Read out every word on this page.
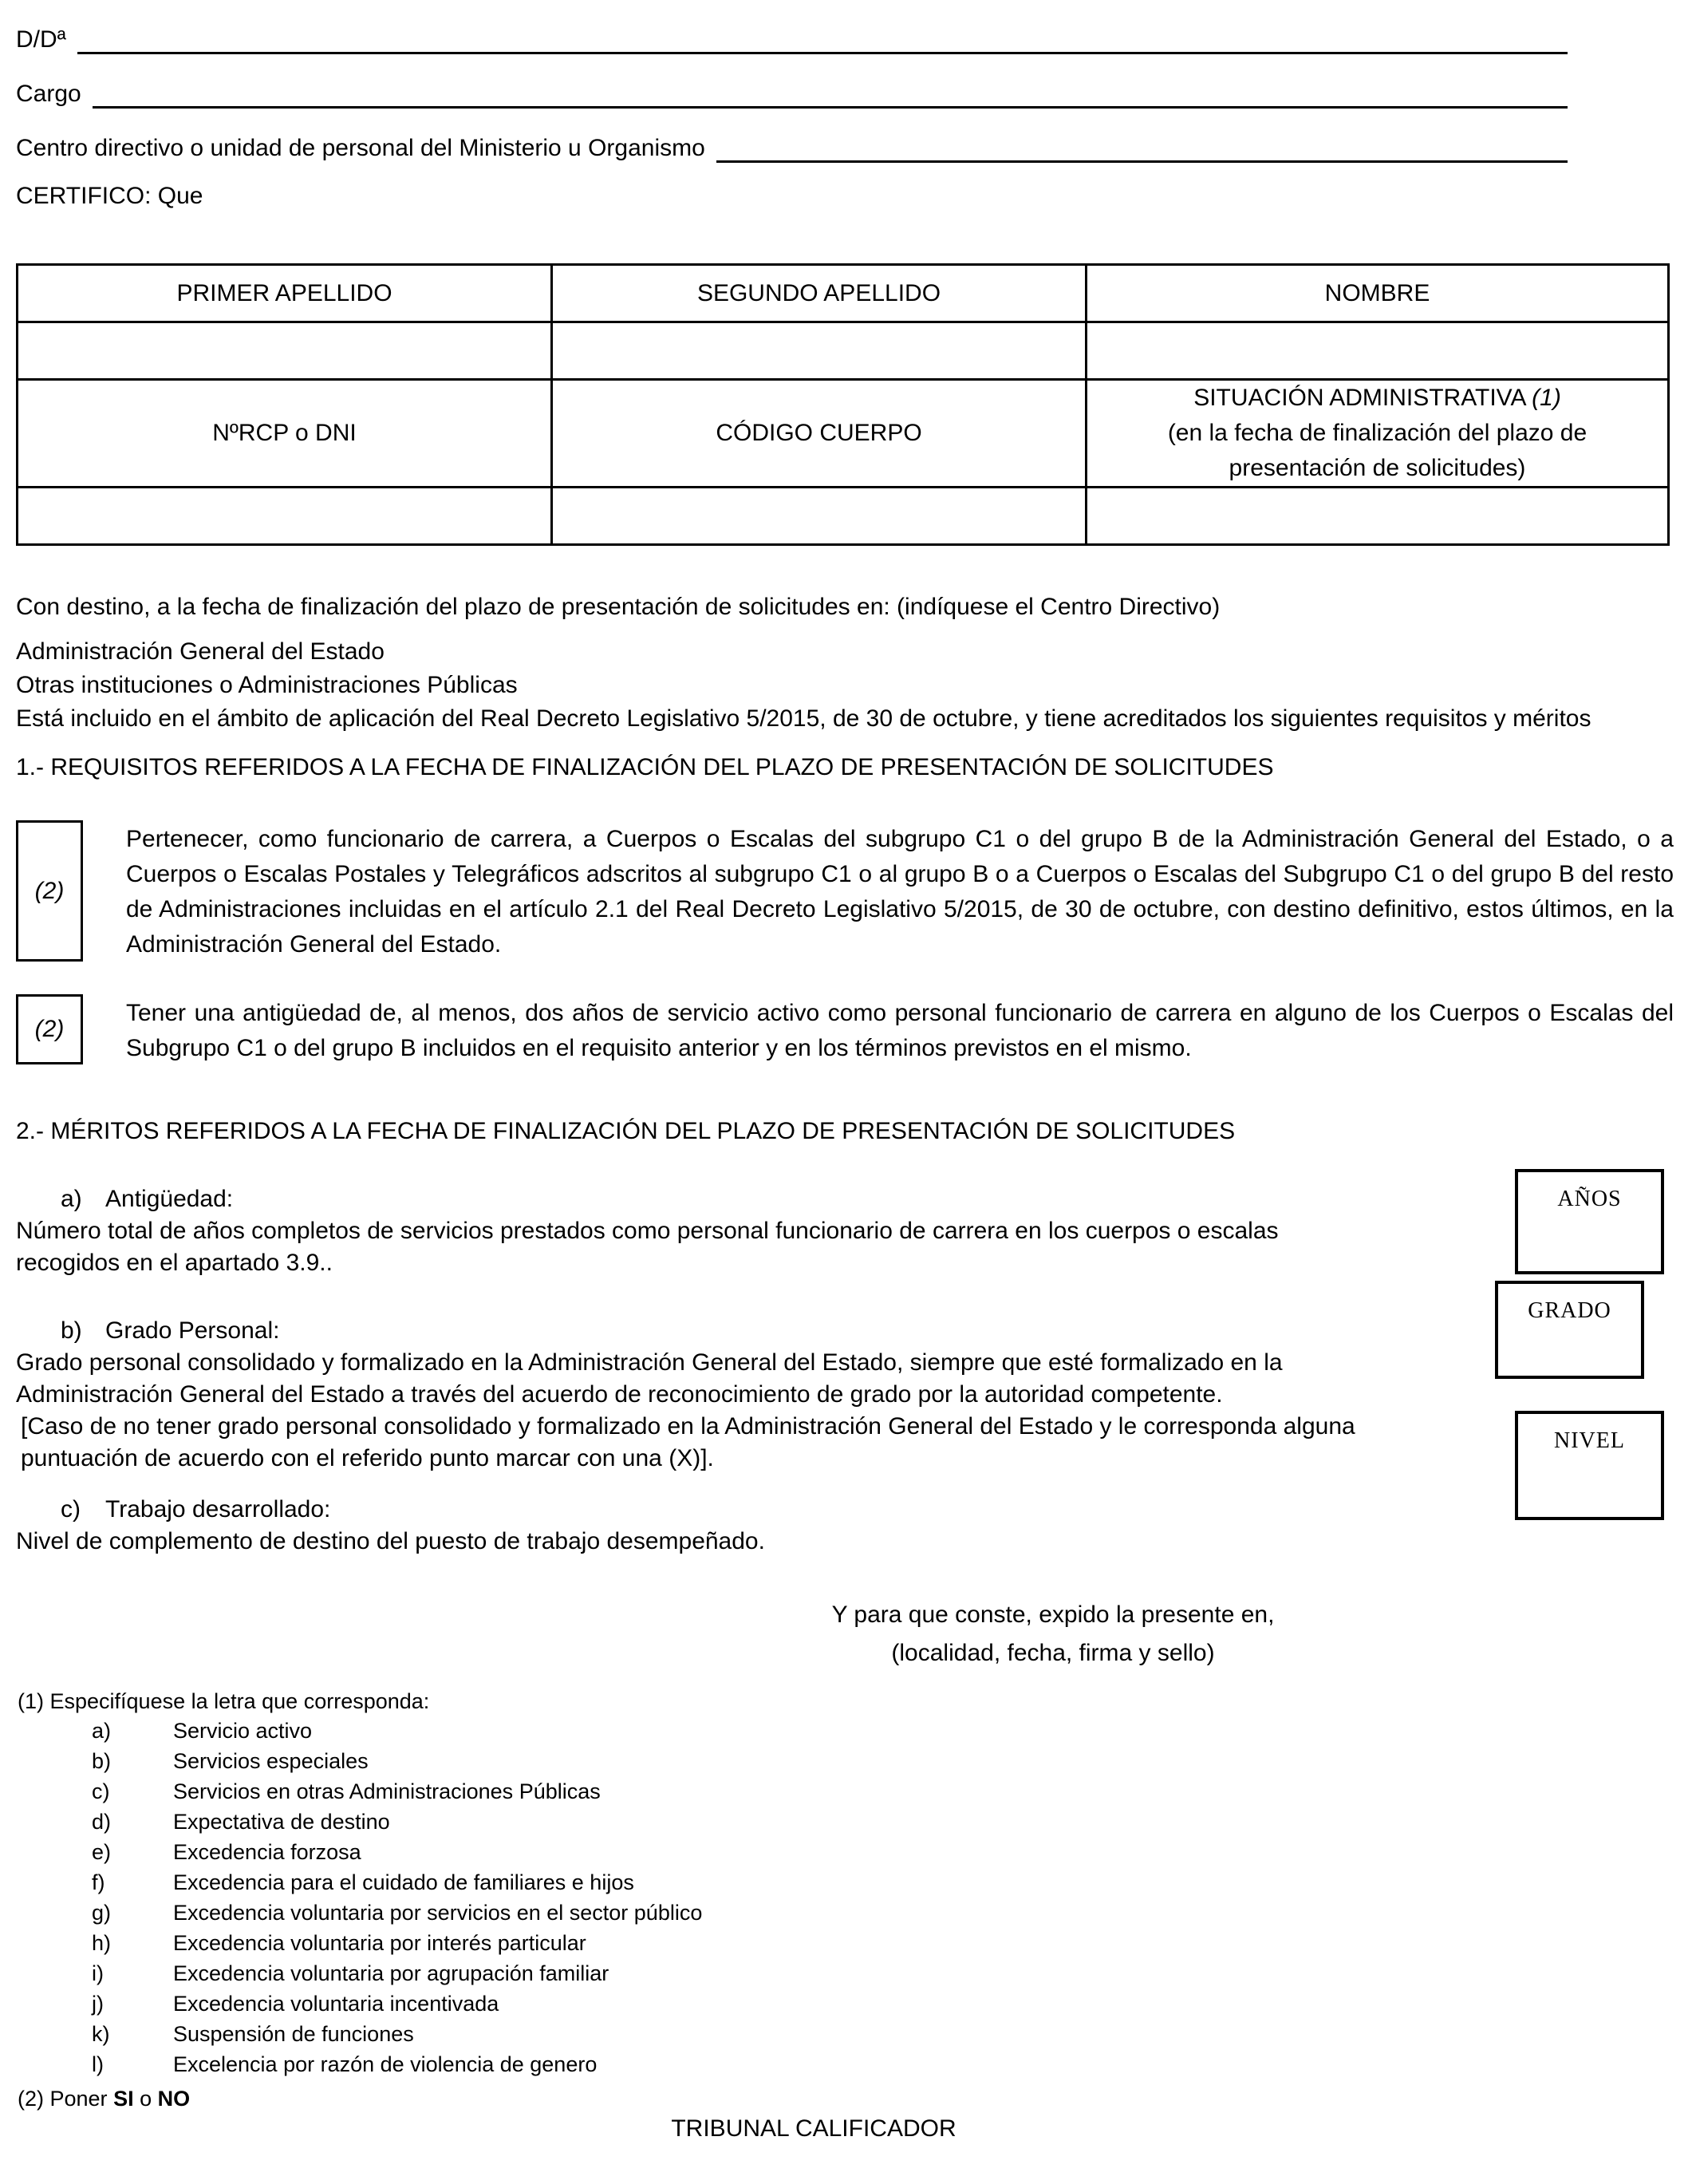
D/Dª
Cargo
Centro directivo o unidad de personal del Ministerio u Organismo
CERTIFICO: Que
PRIMER APELLIDO	SEGUNDO APELLIDO	NOMBRE

NºRCP o DNI	CÓDIGO CUERPO	SITUACIÓN ADMINISTRATIVA (1)
(en la fecha de finalización del plazo de
presentación de solicitudes)

Con destino, a la fecha de finalización del plazo de presentación de solicitudes en: (indíquese el Centro Directivo)
Administración General del Estado
Otras instituciones o Administraciones Públicas
Está incluido en el ámbito de aplicación del Real Decreto Legislativo 5/2015, de 30 de octubre, y tiene acreditados los siguientes requisitos y méritos
1.- REQUISITOS REFERIDOS A LA FECHA DE FINALIZACIÓN DEL PLAZO DE PRESENTACIÓN DE SOLICITUDES
(2)
Pertenecer, como funcionario de carrera, a Cuerpos o Escalas del subgrupo C1 o del grupo B de la Administración General del Estado, o a Cuerpos o Escalas Postales y Telegráficos adscritos al subgrupo C1 o al grupo B o a Cuerpos o Escalas del Subgrupo C1 o del grupo B del resto de Administraciones incluidas en el artículo 2.1 del Real Decreto Legislativo 5/2015, de 30 de octubre, con destino definitivo, estos últimos, en la Administración General del Estado.
(2)
Tener una antigüedad de, al menos, dos años de servicio activo como personal funcionario de carrera en alguno de los Cuerpos o Escalas del Subgrupo C1 o del grupo B incluidos en el requisito anterior y en los términos previstos en el mismo.
2.- MÉRITOS REFERIDOS A LA FECHA DE FINALIZACIÓN DEL PLAZO DE PRESENTACIÓN DE SOLICITUDES
a) Antigüedad:
Número total de años completos de servicios prestados como personal funcionario de carrera en los cuerpos o escalas recogidos en el apartado 3.9..
b) Grado Personal:
Grado personal consolidado y formalizado en la Administración General del Estado, siempre que esté formalizado en la Administración General del Estado a través del acuerdo de reconocimiento de grado por la autoridad competente.
[Caso de no tener grado personal consolidado y formalizado en la Administración General del Estado y le corresponda alguna puntuación de acuerdo con el referido punto marcar con una (X)].
c) Trabajo desarrollado:
Nivel de complemento de destino del puesto de trabajo desempeñado.
AÑOS
GRADO
NIVEL
Y para que conste, expido la presente en,
(localidad, fecha, firma y sello)
(1) Especifíquese la letra que corresponda:
a)	Servicio activo
b)	Servicios especiales
c)	Servicios en otras Administraciones Públicas
d)	Expectativa de destino
e)	Excedencia forzosa
f)	Excedencia para el cuidado de familiares e hijos
g)	Excedencia voluntaria por servicios en el sector público
h)	Excedencia voluntaria por interés particular
i)	Excedencia voluntaria por agrupación familiar
j)	Excedencia voluntaria incentivada
k)	Suspensión de funciones
l)	Excelencia por razón de violencia de genero
(2) Poner SI o NO
TRIBUNAL CALIFICADOR
